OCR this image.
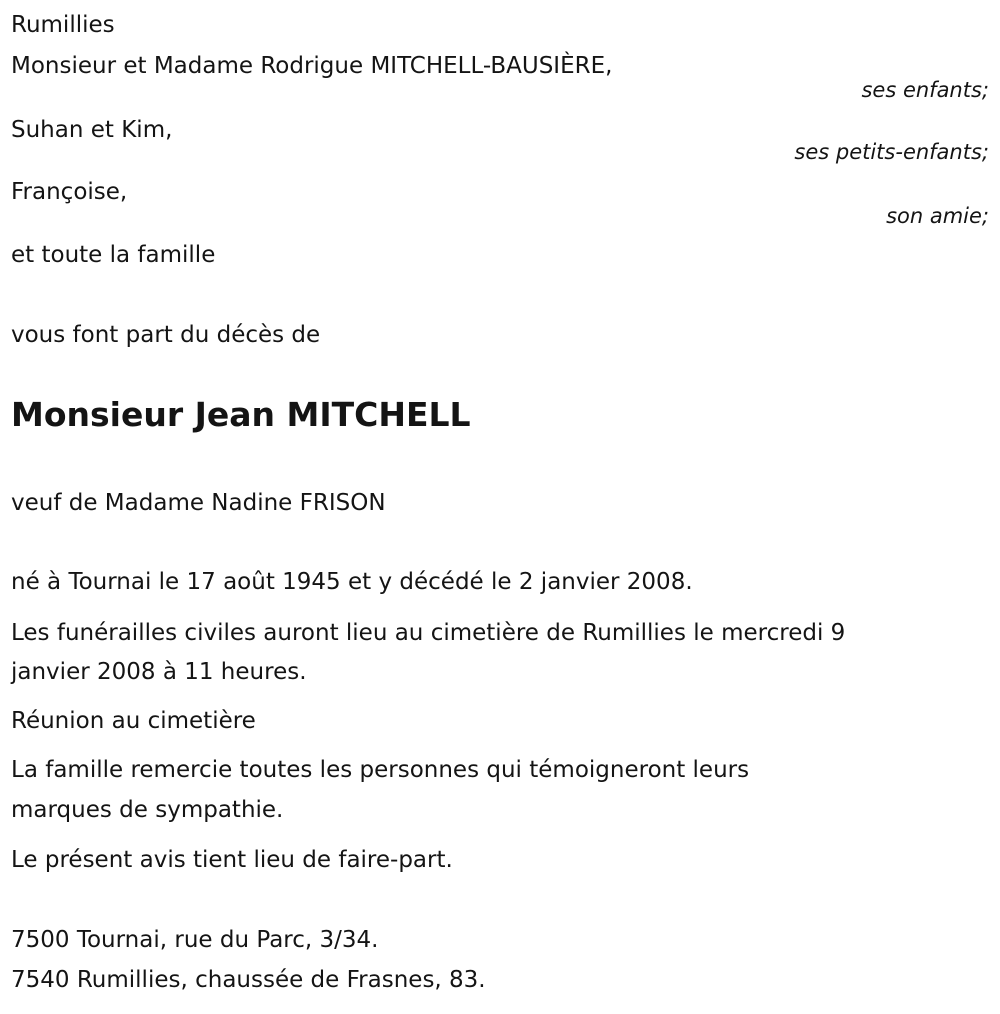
Rumillies
Monsieur et Madame Rodrigue MITCHELL-BAUSIÈRE,
ses enfants;
Suhan et Kim,
ses petits-enfants;
Françoise,
son amie;
et toute la famille
vous font part du décès de
Monsieur Jean MITCHELL
veuf de Madame Nadine FRISON
né à Tournai le 17 août 1945 et y décédé le 2 janvier 2008.
Les funérailles civiles auront lieu au cimetière de Rumillies le mercredi 9
janvier 2008 à 11 heures.
Réunion au cimetière
La famille remercie toutes les personnes qui témoigneront leurs
marques de sympathie.
Le présent avis tient lieu de faire-part.
7500 Tournai, rue du Parc, 3/34.
7540 Rumillies, chaussée de Frasnes, 83.
